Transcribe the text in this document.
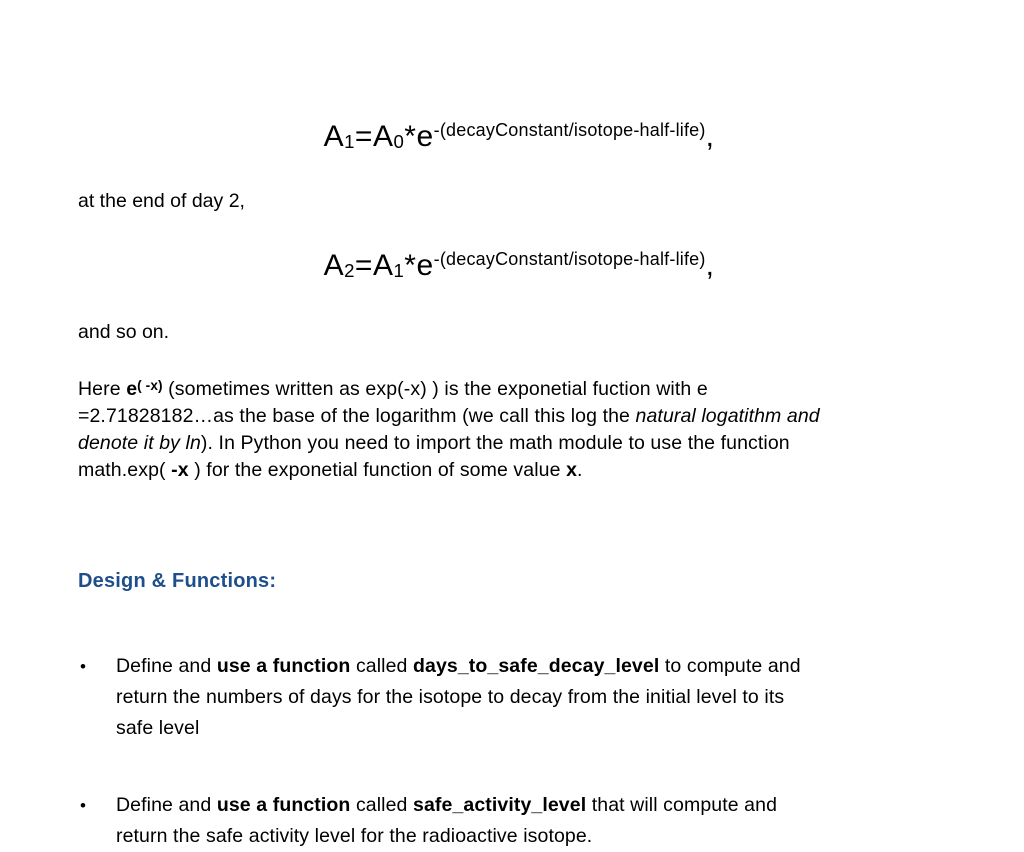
$A1=A0*e^{-(decayConstant/isotope-half-life)}$,
at the end of day 2,
$A2=A1*e^{-(decayConstant/isotope-half-life)}$,
and so on.
Here $e^{( -x)}$ (sometimes written as exp(-x) ) is the exponetial fuction with e
=2.71828182…as the base of the logarithm (we call this log the natural logatithm and
denote it by ln). In Python you need to import the math module to use the function
math.exp( -x ) for the exponetial function of some value x.
Design & Functions:
•	Define and use a function called days_to_safe_decay_level to compute and
return the numbers of days for the isotope to decay from the initial level to its
safe level
•	Define and use a function called safe_activity_level that will compute and
return the safe activity level for the radioactive isotope.
